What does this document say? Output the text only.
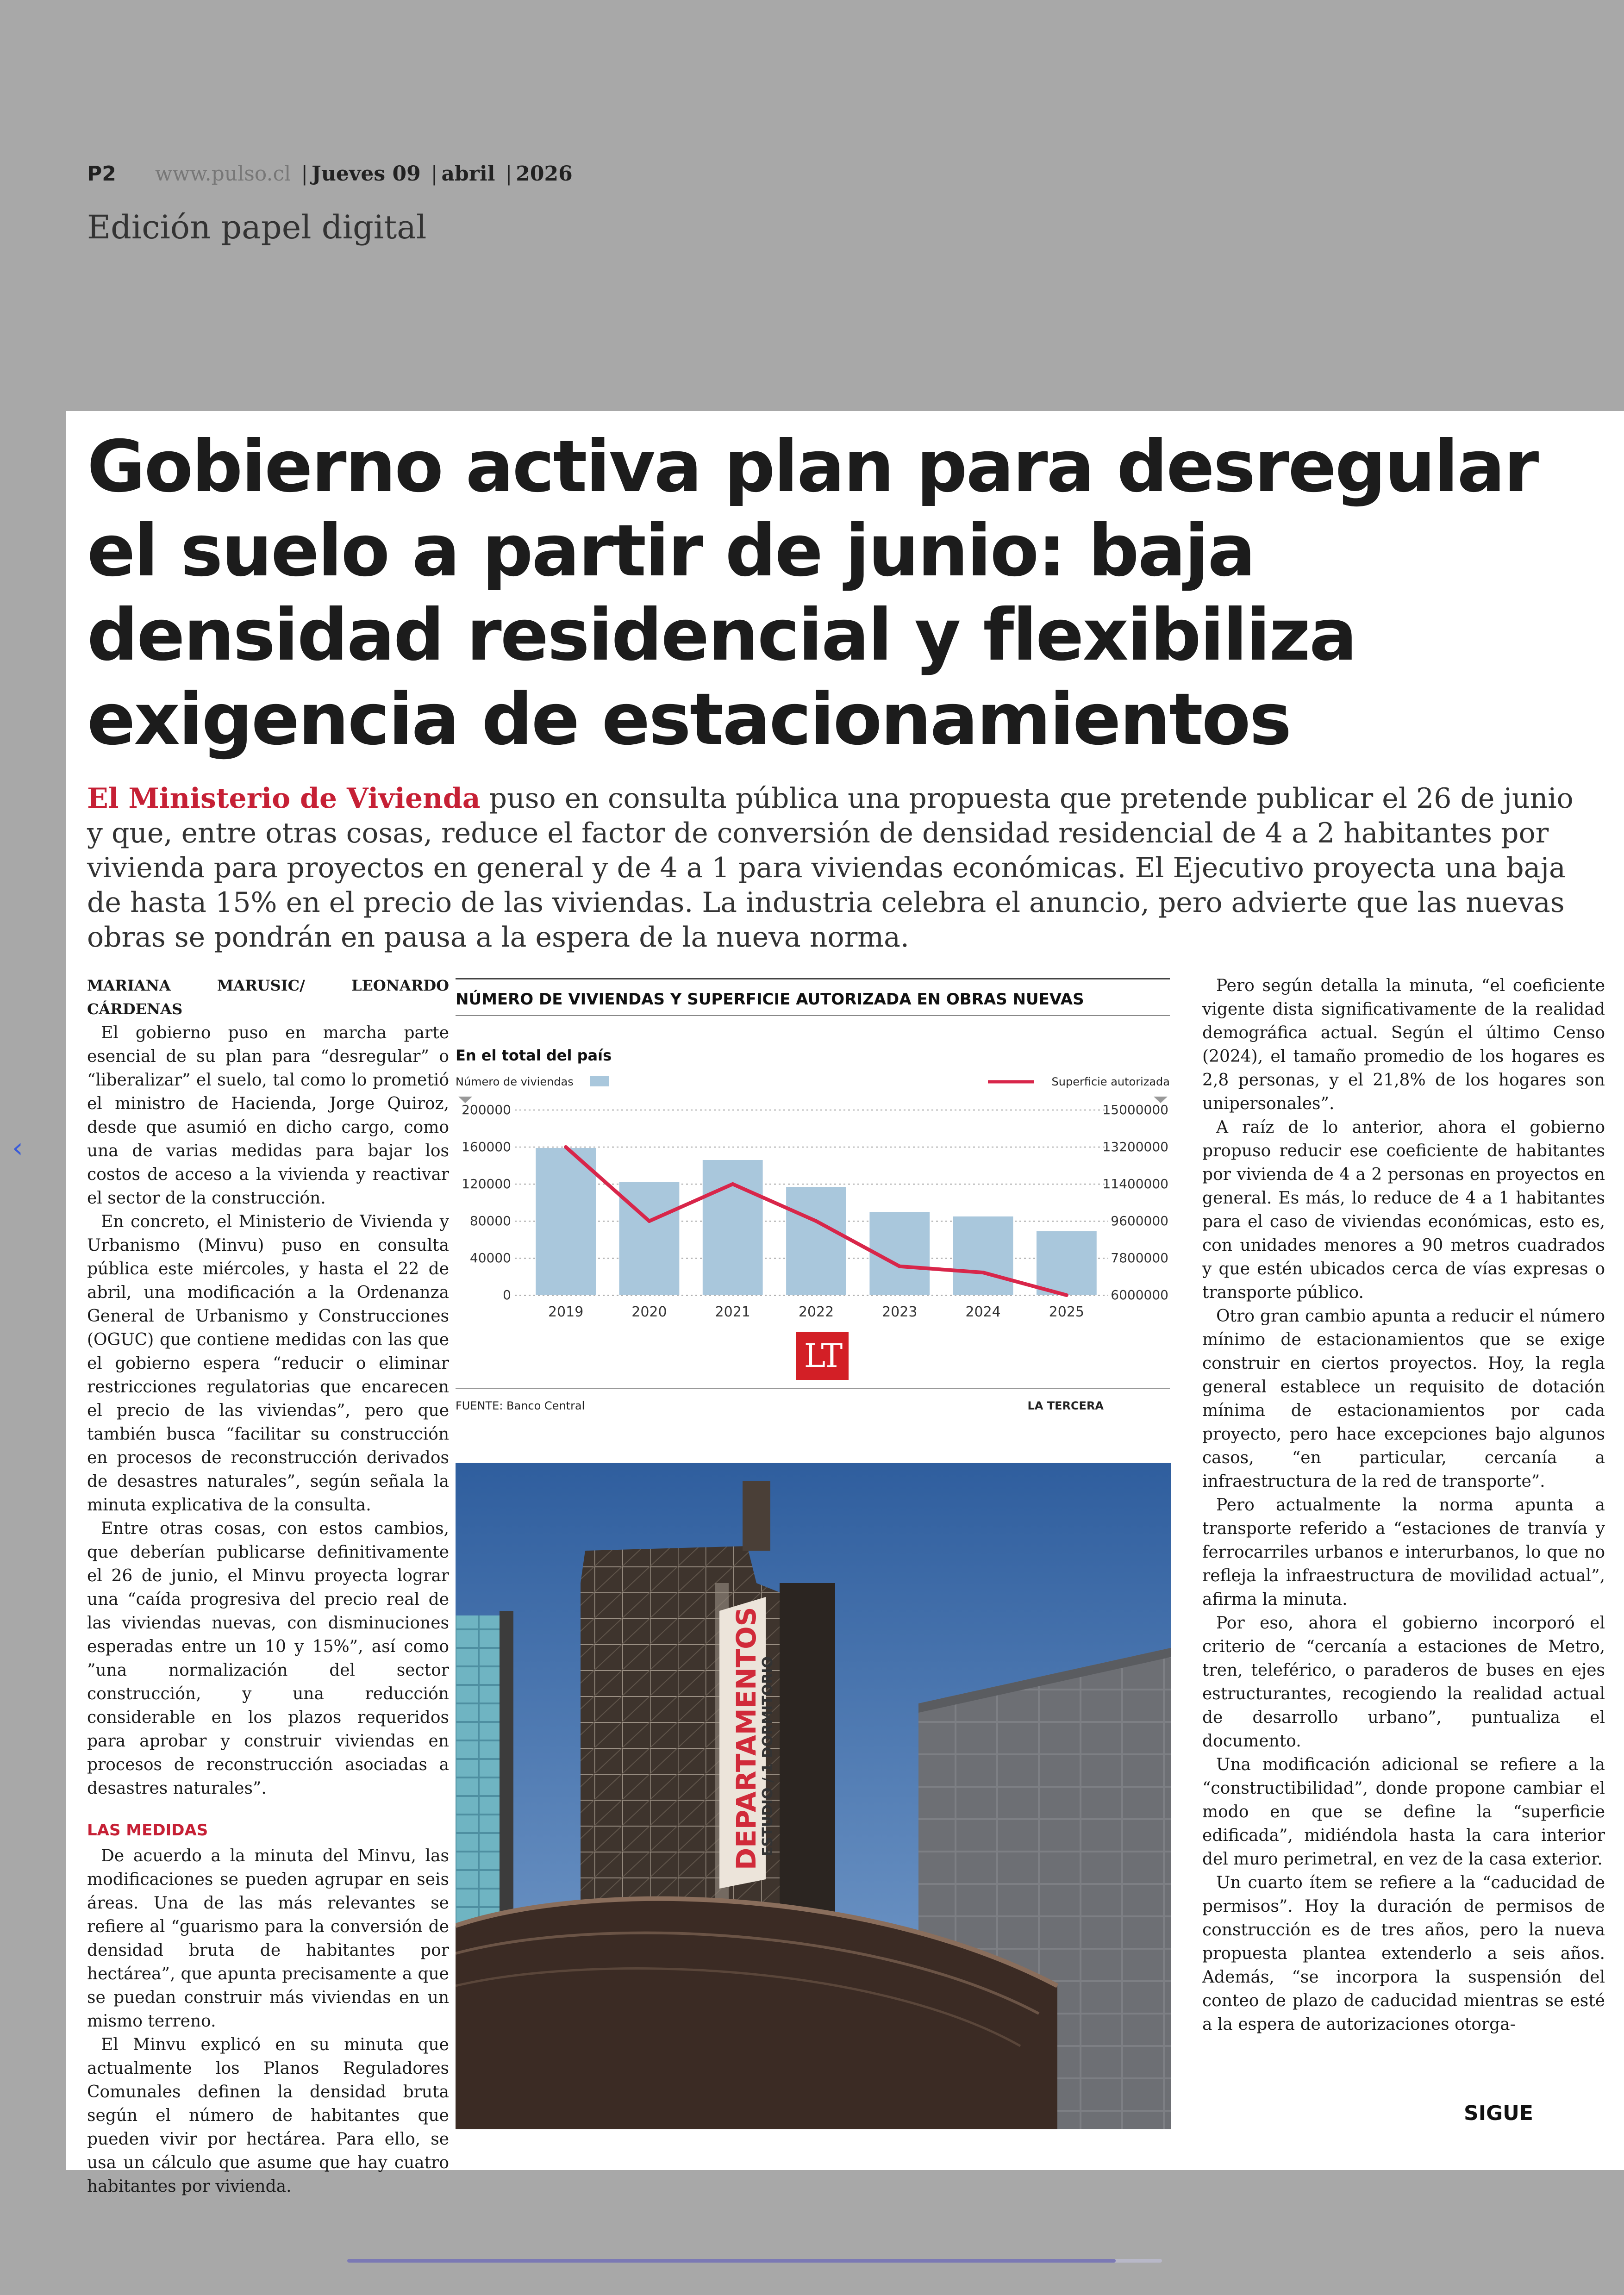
P2 www.pulso.cl | Jueves 09 | abril | 2026
Edición papel digital
‹
Gobierno activa plan para desregular el suelo a partir de junio: baja densidad residencial y flexibiliza exigencia de estacionamientos

El Ministerio de Vivienda puso en consulta pública una propuesta que pretende publicar el 26 de junio y que, entre otras cosas, reduce el factor de conversión de densidad residencial de 4 a 2 habitantes por vivienda para proyectos en general y de 4 a 1 para viviendas económicas. El Ejecutivo proyecta una baja de hasta 15% en el precio de las viviendas. La industria celebra el anuncio, pero advierte que las nuevas obras se pondrán en pausa a la espera de la nueva norma.

MARIANA MARUSIC/ LEONARDO CÁRDENAS

El gobierno puso en marcha parte esencial de su plan para “desregular” o “liberalizar” el suelo, tal como lo prometió el ministro de Hacienda, Jorge Quiroz, desde que asumió en dicho cargo, como una de varias medidas para bajar los costos de acceso a la vivienda y reactivar el sector de la construcción.

En concreto, el Ministerio de Vivienda y Urbanismo (Minvu) puso en consulta pública este miércoles, y hasta el 22 de abril, una modificación a la Ordenanza General de Urbanismo y Construcciones (OGUC) que contiene medidas con las que el gobierno espera “reducir o eliminar restricciones regulatorias que encarecen el precio de las viviendas”, pero que también busca “facilitar su construcción en procesos de reconstrucción derivados de desastres naturales”, según señala la minuta explicativa de la consulta.

Entre otras cosas, con estos cambios, que deberían publicarse definitivamente el 26 de junio, el Minvu proyecta lograr una “caída progresiva del precio real de las viviendas nuevas, con disminuciones esperadas entre un 10 y 15%”, así como ”una normalización del sector construcción, y una reducción considerable en los plazos requeridos para aprobar y construir viviendas en procesos de reconstrucción asociadas a desastres naturales”.

LAS MEDIDAS

De acuerdo a la minuta del Minvu, las modificaciones se pueden agrupar en seis áreas. Una de las más relevantes se refiere al “guarismo para la conversión de densidad bruta de habitantes por hectárea”, que apunta precisamente a que se puedan construir más viviendas en un mismo terreno.

El Minvu explicó en su minuta que actualmente los Planos Reguladores Comunales definen la densidad bruta según el número de habitantes que pueden vivir por hectárea. Para ello, se usa un cálculo que asume que hay cuatro habitantes por vivienda.

NÚMERO DE VIVIENDAS Y SUPERFICIE AUTORIZADA EN OBRAS NUEVAS
En el total del país
Número de viviendas	Superficie autorizada
200000
160000
120000
80000
40000
0
15000000
13200000
11400000
9600000
7800000
6000000
2019	2020	2021	2022	2023	2024	2025
FUENTE: Banco Central	LA TERCERA
LT
DEPARTAMENTOS
ESTUDIO / 1 DORMITORIO

Pero según detalla la minuta, “el coeficiente vigente dista significativamente de la realidad demográfica actual. Según el último Censo (2024), el tamaño promedio de los hogares es 2,8 personas, y el 21,8% de los hogares son unipersonales”.

A raíz de lo anterior, ahora el gobierno propuso reducir ese coeficiente de habitantes por vivienda de 4 a 2 personas en proyectos en general. Es más, lo reduce de 4 a 1 habitantes para el caso de viviendas económicas, esto es, con unidades menores a 90 metros cuadrados y que estén ubicados cerca de vías expresas o transporte público.

Otro gran cambio apunta a reducir el número mínimo de estacionamientos que se exige construir en ciertos proyectos. Hoy, la regla general establece un requisito de dotación mínima de estacionamientos por cada proyecto, pero hace excepciones bajo algunos casos, “en particular, cercanía a infraestructura de la red de transporte”.

Pero actualmente la norma apunta a transporte referido a “estaciones de tranvía y ferrocarriles urbanos e interurbanos, lo que no refleja la infraestructura de movilidad actual”, afirma la minuta.

Por eso, ahora el gobierno incorporó el criterio de “cercanía a estaciones de Metro, tren, teleférico, o paraderos de buses en ejes estructurantes, recogiendo la realidad actual de desarrollo urbano”, puntualiza el documento.

Una modificación adicional se refiere a la “constructibilidad”, donde propone cambiar el modo en que se define la “superficie edificada”, midiéndola hasta la cara interior del muro perimetral, en vez de la casa exterior.

Un cuarto ítem se refiere a la “caducidad de permisos”. Hoy la duración de permisos de construcción es de tres años, pero la nueva propuesta plantea extenderlo a seis años. Además, “se incorpora la suspensión del conteo de plazo de caducidad mientras se esté a la espera de autorizaciones otorga-

SIGUE
